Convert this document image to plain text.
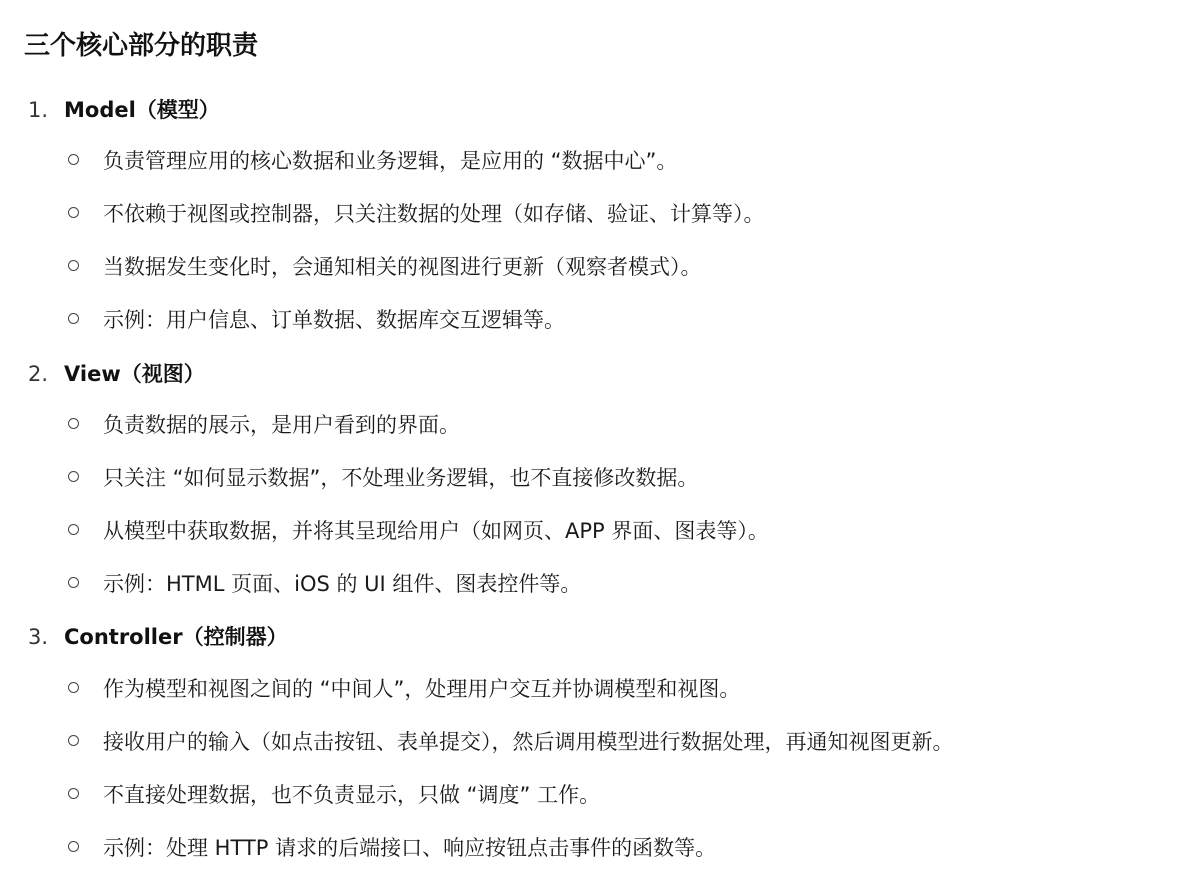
三个核心部分的职责
1. Model（模型）
负责管理应用的核心数据和业务逻辑，是应用的 “数据中心”。
不依赖于视图或控制器，只关注数据的处理（如存储、验证、计算等）。
当数据发生变化时，会通知相关的视图进行更新（观察者模式）。
示例：用户信息、订单数据、数据库交互逻辑等。
2. View（视图）
负责数据的展示，是用户看到的界面。
只关注 “如何显示数据”，不处理业务逻辑，也不直接修改数据。
从模型中获取数据，并将其呈现给用户（如网页、APP 界面、图表等）。
示例：HTML 页面、iOS 的 UI 组件、图表控件等。
3. Controller（控制器）
作为模型和视图之间的 “中间人”，处理用户交互并协调模型和视图。
接收用户的输入（如点击按钮、表单提交），然后调用模型进行数据处理，再通知视图更新。
不直接处理数据，也不负责显示，只做 “调度” 工作。
示例：处理 HTTP 请求的后端接口、响应按钮点击事件的函数等。
